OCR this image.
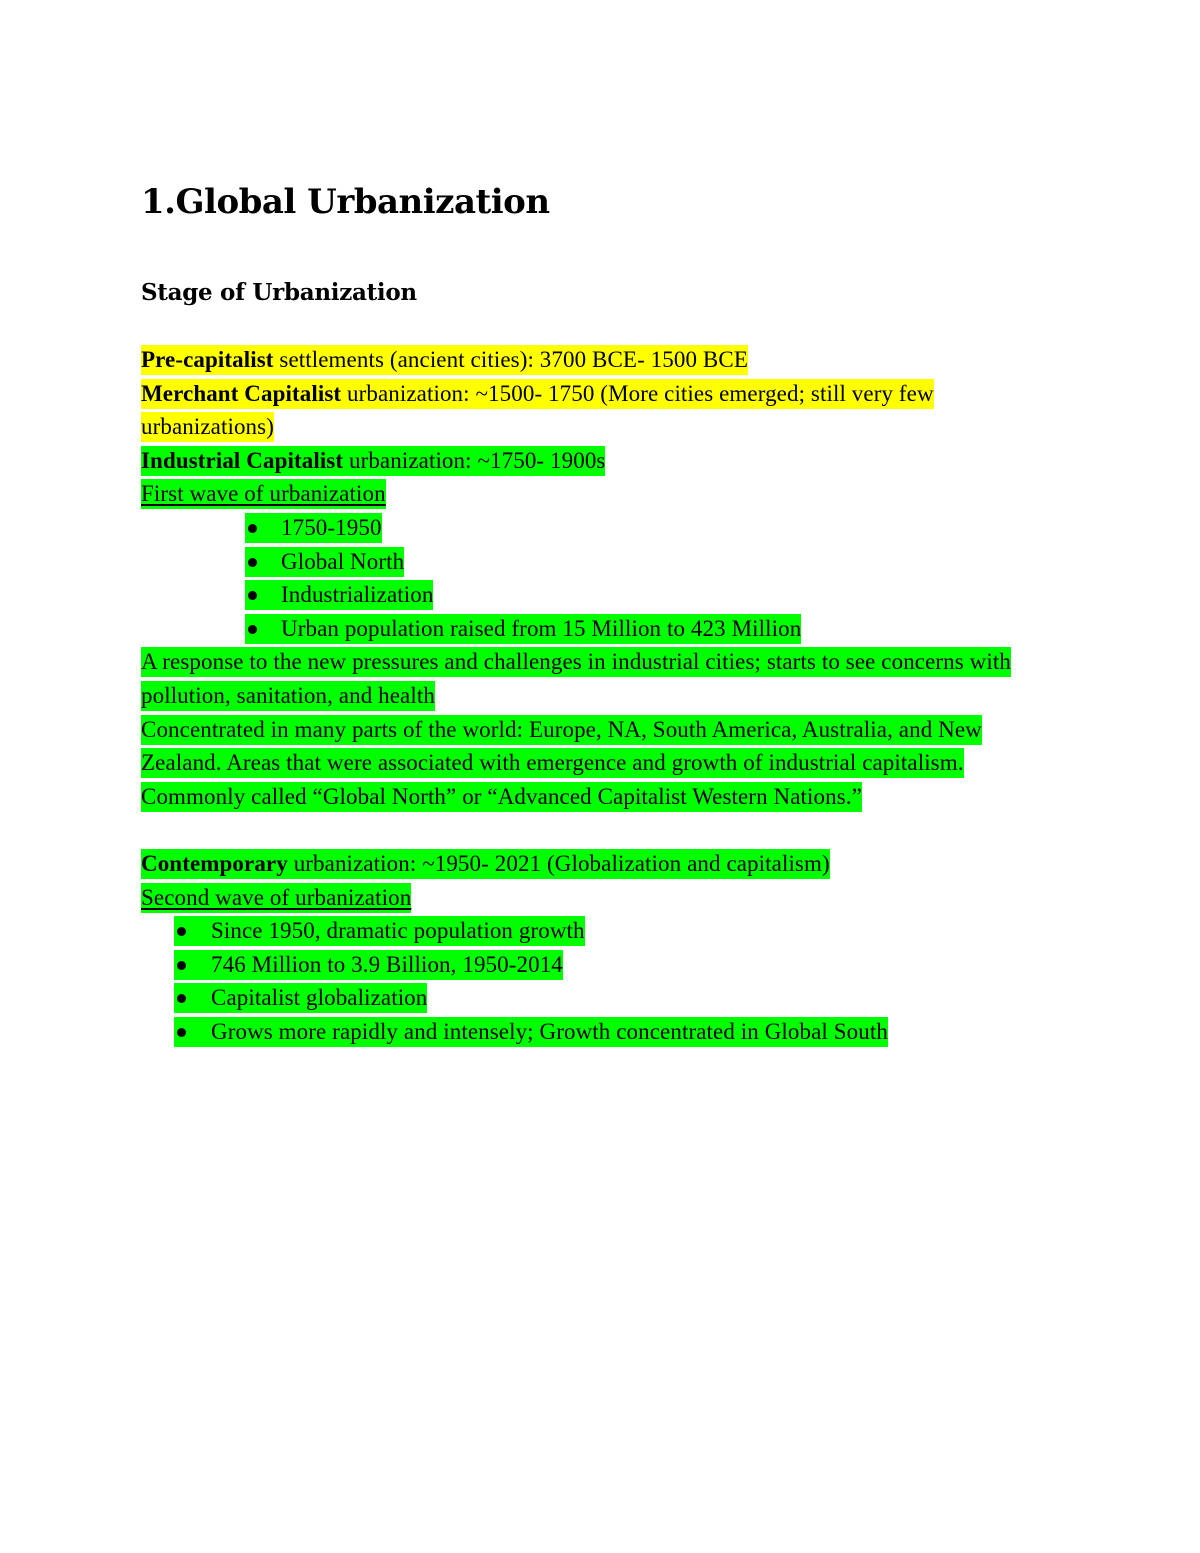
1.Global Urbanization
Stage of Urbanization

Pre-capitalist settlements (ancient cities): 3700 BCE- 1500 BCE

Merchant Capitalist urbanization: ~1500- 1750 (More cities emerged; still very few urbanizations)

Industrial Capitalist urbanization: ~1750- 1900s

First wave of urbanization

1750-1950
Global North
Industrialization
Urban population raised from 15 Million to 423 Million

A response to the new pressures and challenges in industrial cities; starts to see concerns with pollution, sanitation, and health

Concentrated in many parts of the world: Europe, NA, South America, Australia, and New Zealand. Areas that were associated with emergence and growth of industrial capitalism. Commonly called “Global North” or “Advanced Capitalist Western Nations.”

Contemporary urbanization: ~1950- 2021 (Globalization and capitalism)

Second wave of urbanization

Since 1950, dramatic population growth
746 Million to 3.9 Billion, 1950-2014
Capitalist globalization
Grows more rapidly and intensely; Growth concentrated in Global South
